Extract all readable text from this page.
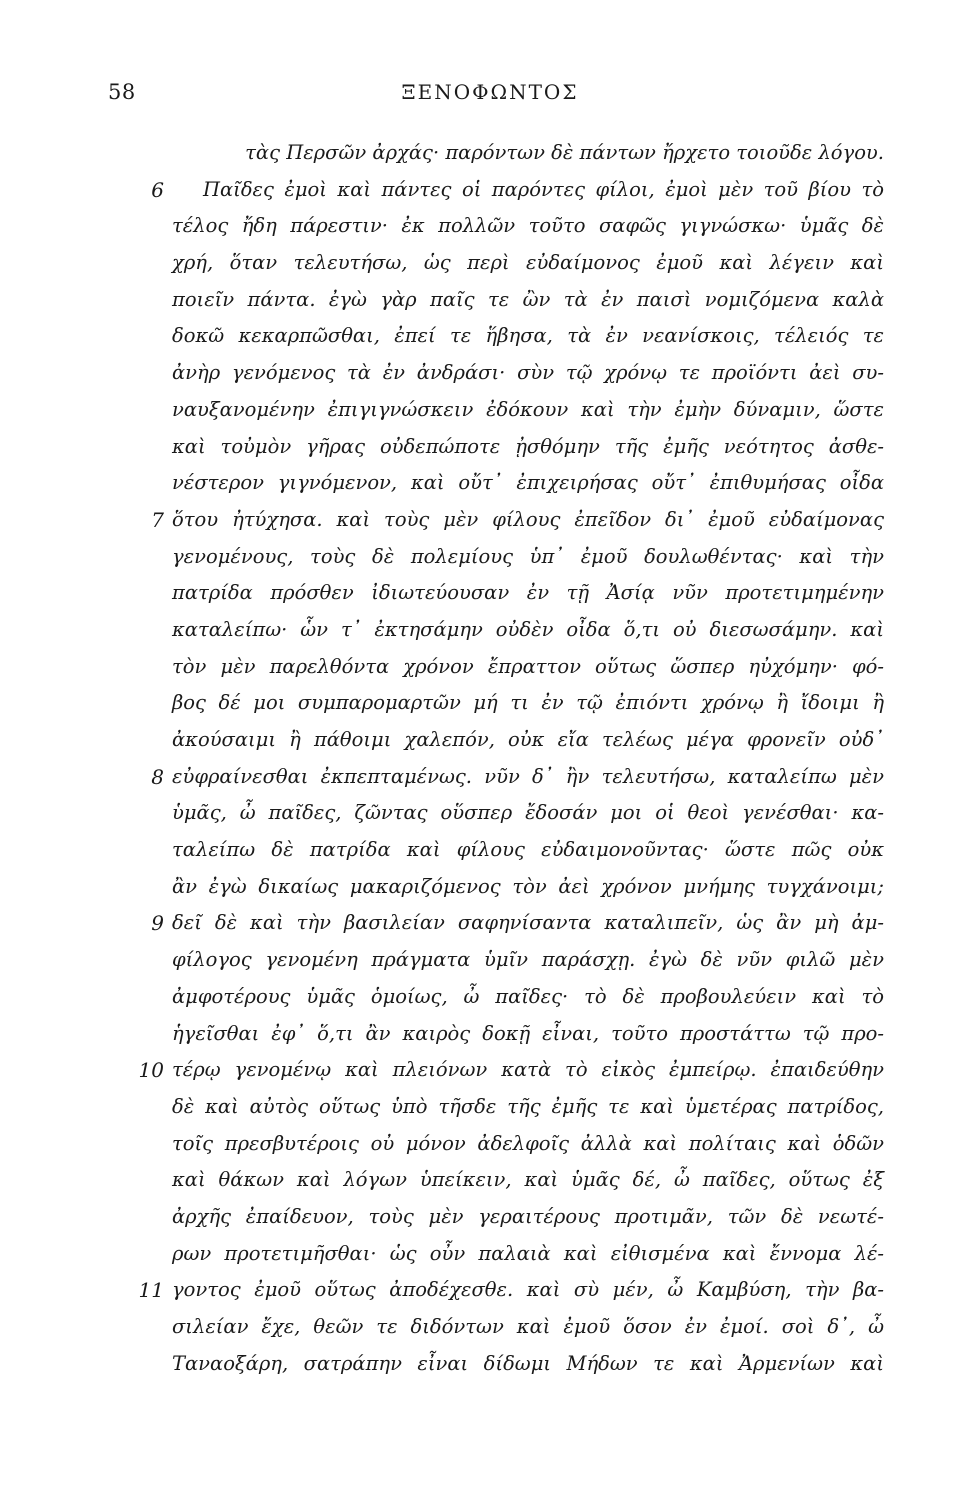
58	ΞΕΝΟΦΩΝΤΟΣ
τὰς Περσῶν ἀρχάς· παρόντων δὲ πάντων ἤρχετο τοιοῦδε λόγου.
6 Παῖδες ἐμοὶ καὶ πάντες οἱ παρόντες φίλοι, ἐμοὶ μὲν τοῦ βίου τὸ
τέλος ἤδη πάρεστιν· ἐκ πολλῶν τοῦτο σαφῶς γιγνώσκω· ὑμᾶς δὲ
χρή, ὅταν τελευτήσω, ὡς περὶ εὐδαίμονος ἐμοῦ καὶ λέγειν καὶ
ποιεῖν πάντα. ἐγὼ γὰρ παῖς τε ὢν τὰ ἐν παισὶ νομιζόμενα καλὰ
δοκῶ κεκαρπῶσθαι, ἐπεί τε ἥβησα, τὰ ἐν νεανίσκοις, τέλειός τε
ἀνὴρ γενόμενος τὰ ἐν ἀνδράσι· σὺν τῷ χρόνῳ τε προϊόντι ἀεὶ συ-
ναυξανομένην ἐπιγιγνώσκειν ἐδόκουν καὶ τὴν ἐμὴν δύναμιν, ὥστε
καὶ τοὐμὸν γῆρας οὐδεπώποτε ᾐσθόμην τῆς ἐμῆς νεότητος ἀσθε-
νέστερον γιγνόμενον, καὶ οὔτ᾽ ἐπιχειρήσας οὔτ᾽ ἐπιθυμήσας οἶδα
7 ὅτου ἠτύχησα. καὶ τοὺς μὲν φίλους ἐπεῖδον δι᾽ ἐμοῦ εὐδαίμονας
γενομένους, τοὺς δὲ πολεμίους ὑπ᾽ ἐμοῦ δουλωθέντας· καὶ τὴν
πατρίδα πρόσθεν ἰδιωτεύουσαν ἐν τῇ Ἀσίᾳ νῦν προτετιμημένην
καταλείπω· ὧν τ᾽ ἐκτησάμην οὐδὲν οἶδα ὅ,τι οὐ διεσωσάμην. καὶ
τὸν μὲν παρελθόντα χρόνον ἔπραττον οὕτως ὥσπερ ηὐχόμην· φό-
βος δέ μοι συμπαρομαρτῶν μή τι ἐν τῷ ἐπιόντι χρόνῳ ἢ ἴδοιμι ἢ
ἀκούσαιμι ἢ πάθοιμι χαλεπόν, οὐκ εἴα τελέως μέγα φρονεῖν οὐδ᾽
8 εὐφραίνεσθαι ἐκπεπταμένως. νῦν δ᾽ ἢν τελευτήσω, καταλείπω μὲν
ὑμᾶς, ὦ παῖδες, ζῶντας οὕσπερ ἔδοσάν μοι οἱ θεοὶ γενέσθαι· κα-
ταλείπω δὲ πατρίδα καὶ φίλους εὐδαιμονοῦντας· ὥστε πῶς οὐκ
ἂν ἐγὼ δικαίως μακαριζόμενος τὸν ἀεὶ χρόνον μνήμης τυγχάνοιμι;
9 δεῖ δὲ καὶ τὴν βασιλείαν σαφηνίσαντα καταλιπεῖν, ὡς ἂν μὴ ἀμ-
φίλογος γενομένη πράγματα ὑμῖν παράσχῃ. ἐγὼ δὲ νῦν φιλῶ μὲν
ἀμφοτέρους ὑμᾶς ὁμοίως, ὦ παῖδες· τὸ δὲ προβουλεύειν καὶ τὸ
ἡγεῖσθαι ἐφ᾽ ὅ,τι ἂν καιρὸς δοκῇ εἶναι, τοῦτο προστάττω τῷ προ-
10 τέρῳ γενομένῳ καὶ πλειόνων κατὰ τὸ εἰκὸς ἐμπείρῳ. ἐπαιδεύθην
δὲ καὶ αὐτὸς οὕτως ὑπὸ τῆσδε τῆς ἐμῆς τε καὶ ὑμετέρας πατρίδος,
τοῖς πρεσβυτέροις οὐ μόνον ἀδελφοῖς ἀλλὰ καὶ πολίταις καὶ ὁδῶν
καὶ θάκων καὶ λόγων ὑπείκειν, καὶ ὑμᾶς δέ, ὦ παῖδες, οὕτως ἐξ
ἀρχῆς ἐπαίδευον, τοὺς μὲν γεραιτέρους προτιμᾶν, τῶν δὲ νεωτέ-
ρων προτετιμῆσθαι· ὡς οὖν παλαιὰ καὶ εἰθισμένα καὶ ἔννομα λέ-
11 γοντος ἐμοῦ οὕτως ἀποδέχεσθε. καὶ σὺ μέν, ὦ Καμβύση, τὴν βα-
σιλείαν ἔχε, θεῶν τε διδόντων καὶ ἐμοῦ ὅσον ἐν ἐμοί. σοὶ δ᾽, ὦ
Ταναοξάρη, σατράπην εἶναι δίδωμι Μήδων τε καὶ Ἀρμενίων καὶ
